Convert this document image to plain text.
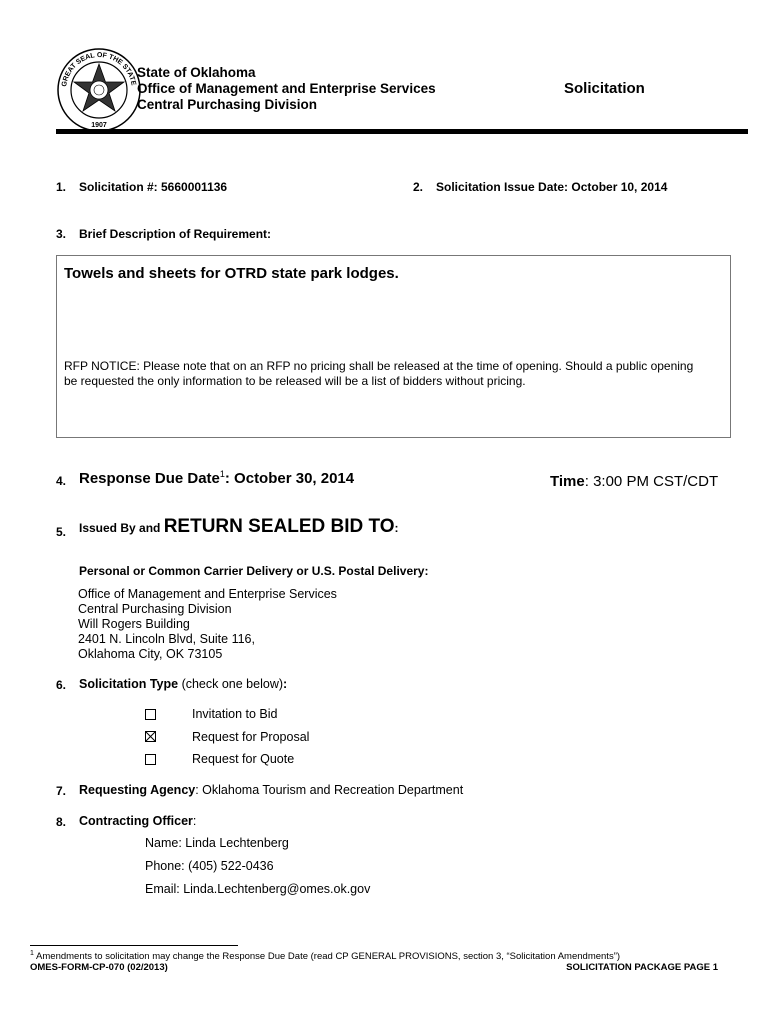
GREAT SEAL OF THE STATE
1907
State of Oklahoma
Office of Management and Enterprise Services
Central Purchasing Division
Solicitation
1. Solicitation #: 5660001136	2. Solicitation Issue Date: October 10, 2014
3. Brief Description of Requirement:
Towels and sheets for OTRD state park lodges.
RFP NOTICE: Please note that on an RFP no pricing shall be released at the time of opening. Should a public opening
be requested the only information to be released will be a list of bidders without pricing.
4. Response Due Date$^1$: October 30, 2014	Time: 3:00 PM CST/CDT
5. Issued By and RETURN SEALED BID TO:
Personal or Common Carrier Delivery or U.S. Postal Delivery:
Office of Management and Enterprise Services
Central Purchasing Division
Will Rogers Building
2401 N. Lincoln Blvd, Suite 116,
Oklahoma City, OK 73105
6. Solicitation Type (check one below):
Invitation to Bid
Request for Proposal
Request for Quote
7. Requesting Agency: Oklahoma Tourism and Recreation Department
8. Contracting Officer:
Name: Linda Lechtenberg
Phone: (405) 522-0436
Email: Linda.Lechtenberg@omes.ok.gov
$^1$ Amendments to solicitation may change the Response Due Date (read CP GENERAL PROVISIONS, section 3, “Solicitation Amendments”)
OMES-FORM-CP-070 (02/2013)	SOLICITATION PACKAGE PAGE 1
